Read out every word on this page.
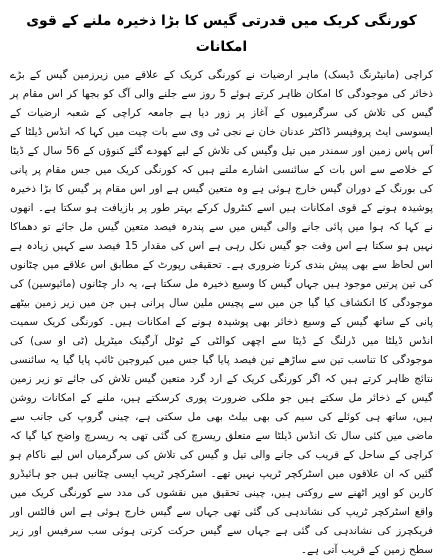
کورنگی کریک میں قدرتی گیس کا بڑا ذخیرہ ملنے کے قوی امکانات

کراچی (مانیٹرنگ ڈیسک) ماہر ارضیات نے کورنگی کریک کے علاقے میں زیرزمین گیس کے بڑے ذخائر کی موجودگی کا امکان ظاہر کرتے ہوئے 5 روز سے جلنے والی آگ کو بجھا کر اس مقام پر گیس کی تلاش کی سرگرمیوں کے آغاز پر زور دیا ہے جامعہ کراچی کے شعبہ ارضیات کے ایسوسی ایٹ پروفیسر ڈاکٹر عدنان خان نے نجی ٹی وی سے بات چیت میں کہا کہ انڈس ڈیلٹا کے آس پاس زمین اور سمندر میں تیل وگیس کی تلاش کے لیے کھودے گئے کنوؤں کے 56 سال کے ڈیٹا کے خلاصے سے اس بات کے سائنسی اشارے ملتے ہیں کہ کورنگی کریک میں جس مقام پر پانی کی بورنگ کے دوران گیس خارج ہوئی ہے وہ متعین گیس ہے اور اس مقام پر گیس کا بڑا ذخیرہ پوشیدہ ہونے کے قوی امکانات ہیں اسے کنٹرول کرکے بہتر طور پر بازیافت ہو سکتا ہے۔ انھوں نے کہا کہ ہوا میں پائی جانے والی گیس میں سے پندرہ فیصد متعین گیس مل جائے تو دھماکا نہیں ہو سکتا ہے اس وقت جو گیس نکل رہی ہے اس کی مقدار 15 فیصد سے کہیں زیادہ ہے اس لحاظ سے بھی پیش بندی کرنا ضروری ہے۔ تحقیقی رپورٹ کے مطابق اس علاقے میں چٹانوں کی تین پرتیں موجود ہیں جہاں گیس کا وسیع ذخیرہ مل سکتا ہے، یہ دار چٹانوں (مائیوسین) کی موجودگی کا انکشاف کیا گیا جن میں سے پچیس ملین سال پرانی ہیں جن میں زیر زمین بیٹھے پانی کے ساتھ گیس کے وسیع ذخائر بھی پوشیدہ ہونے کے امکانات ہیں۔ کورنگی کریک سمیت انڈس ڈیلٹا میں ڈرلنگ کے ڈیٹا سے اچھی کوالٹی کے ٹوٹل آرگینک میٹریل (ٹی او سی) کی موجودگی کا تناسب تین سے ساڑھے تین فیصد پایا گیا جس میں کیروجین ٹائپ پایا گیا یہ سائنسی نتائج ظاہر کرتے ہیں کہ اگر کورنگی کریک کے ارد گرد متعین گیس تلاش کی جائے تو زیر زمین گیس کے ذخائر مل سکتے ہیں جو ملکی ضرورت پوری کرسکتے ہیں، ملنے کے امکانات روشن ہیں، ساتھ ہی کوئلے کی سیم کی بھی بیلٹ بھی مل سکتی ہے، چینی گروپ کی جانب سے ماضی میں کئی سال تک انڈس ڈیلٹا سے متعلق ریسرچ کی گئی تھی یہ ریسرچ واضح کیا گیا کہ کراچی کے ساحل کے قریب کی جانے والی تیل و گیس کی تلاش کی سرگرمیاں اس لیے ناکام ہو گئیں کہ ان علاقوں میں اسٹرکچر ٹریپ نہیں تھے۔ اسٹرکچر ٹریپ ایسی چٹانیں ہیں جو ہائیڈرو کاربن کو اوپر اٹھنے سے روکتی ہیں، چینی تحقیق میں نقشوں کی مدد سے کورنگی کریک میں واقع اسٹرکچر ٹریپ کی نشاندہی کی گئی تھی جہاں سے گیس خارج ہوئی ہے اس فالٹس اور فریکچرز کی نشاندہی کی گئی ہے جہاں سے گیس حرکت کرتی ہوئی سب سرفیس اور زیر سطح زمین کے قریب آتی ہے۔
